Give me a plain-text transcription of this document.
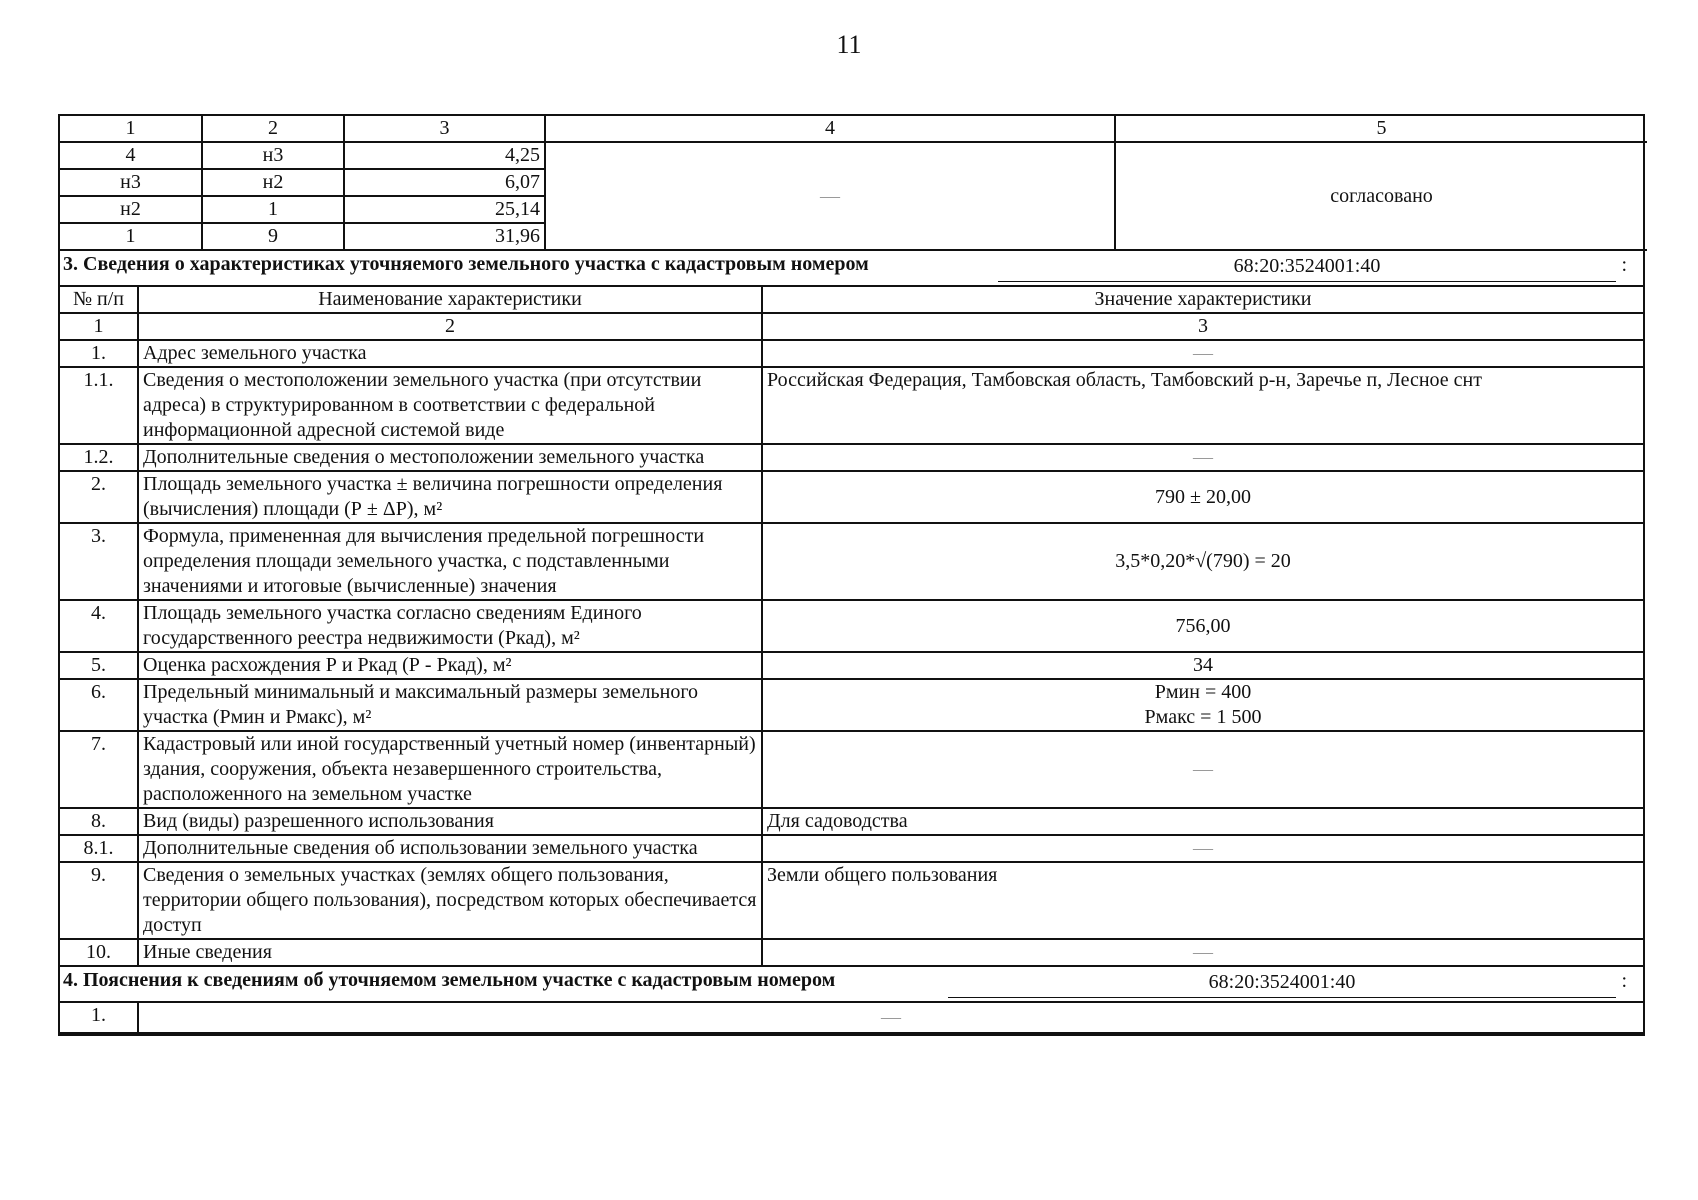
11
1	2	3	4	5
4	н3	4,25	—	согласовано
н3	н2	6,07		
н2	1	25,14		
1	9	31,96		
3. Сведения о характеристиках уточняемого земельного участка с кадастровым номером	68:20:3524001:40	:
№ п/п	Наименование характеристики	Значение характеристики
1	2	3
1.	Адрес земельного участка	—
1.1.	Сведения о местоположении земельного участка (при отсутствии адреса) в структурированном в соответствии с федеральной информационной адресной системой виде	Российская Федерация, Тамбовская область, Тамбовский р-н, Заречье п, Лесное снт
1.2.	Дополнительные сведения о местоположении земельного участка	—
2.	Площадь земельного участка ± величина погрешности определения (вычисления) площади (Р ± ΔР), м²	790 ± 20,00
3.	Формула, примененная для вычисления предельной погрешности определения площади земельного участка, с подставленными значениями и итоговые (вычисленные) значения	3,5*0,20*√(790) = 20
4.	Площадь земельного участка согласно сведениям Единого государственного реестра недвижимости (Ркад), м²	756,00
5.	Оценка расхождения Р и Ркад (Р - Ркад), м²	34
6.	Предельный минимальный и максимальный размеры земельного участка (Рмин и Рмакс), м²	Рмин = 400
Рмакс = 1 500
7.	Кадастровый или иной государственный учетный номер (инвентарный) здания, сооружения, объекта незавершенного строительства, расположенного на земельном участке	—
8.	Вид (виды) разрешенного использования	Для садоводства
8.1.	Дополнительные сведения об использовании земельного участка	—
9.	Сведения о земельных участках (землях общего пользования, территории общего пользования), посредством которых обеспечивается доступ	Земли общего пользования
10.	Иные сведения	—
4. Пояснения к сведениям об уточняемом земельном участке с кадастровым номером	68:20:3524001:40	:
1.	—
